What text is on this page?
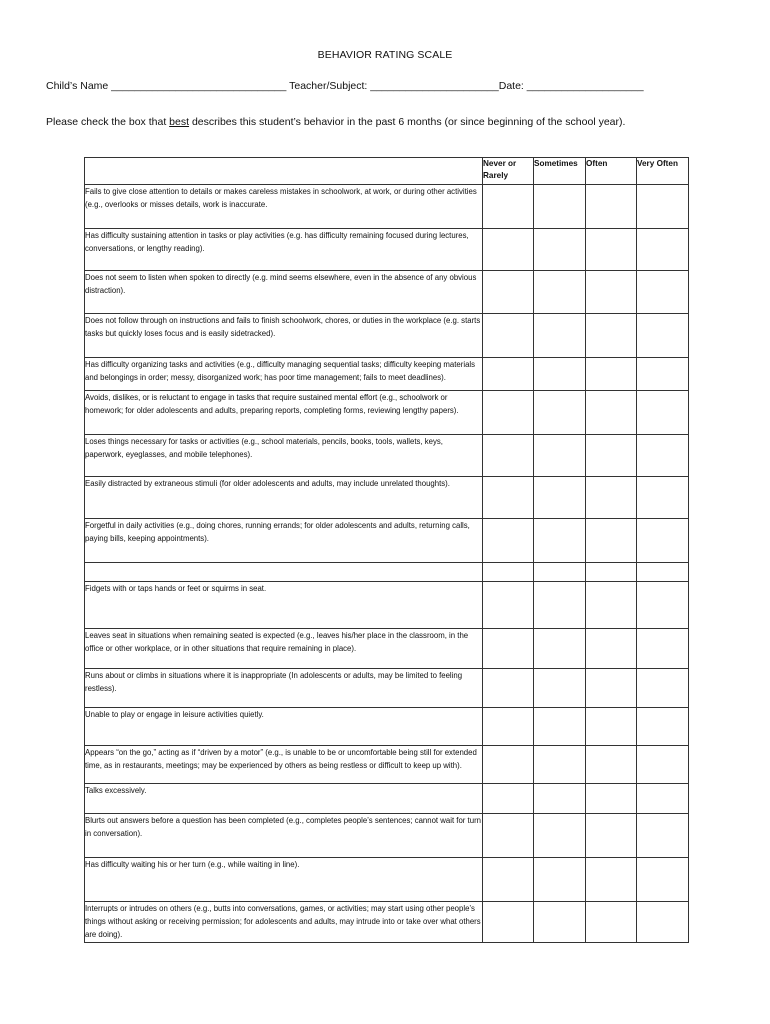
BEHAVIOR RATING SCALE
Child’s Name ______________________________ Teacher/Subject: ______________________Date: ____________________
Please check the box that best describes this student’s behavior in the past 6 months (or since beginning of the school year).
	Never or Rarely	Sometimes	Often	Very Often
Fails to give close attention to details or makes careless mistakes in schoolwork, at work, or during other activities (e.g., overlooks or misses details, work is inaccurate.				
Has difficulty sustaining attention in tasks or play activities (e.g. has difficulty remaining focused during lectures, conversations, or lengthy reading).				
Does not seem to listen when spoken to directly (e.g. mind seems elsewhere, even in the absence of any obvious distraction).				
Does not follow through on instructions and fails to finish schoolwork, chores, or duties in the workplace (e.g. starts tasks but quickly loses focus and is easily sidetracked).				
Has difficulty organizing tasks and activities (e.g., difficulty managing sequential tasks; difficulty keeping materials and belongings in order; messy, disorganized work; has poor time management; fails to meet deadlines).				
Avoids, dislikes, or is reluctant to engage in tasks that require sustained mental effort (e.g., schoolwork or homework; for older adolescents and adults, preparing reports, completing forms, reviewing lengthy papers).				
Loses things necessary for tasks or activities (e.g., school materials, pencils, books, tools, wallets, keys, paperwork, eyeglasses, and mobile telephones).				
Easily distracted by extraneous stimuli (for older adolescents and adults, may include unrelated thoughts).				
Forgetful in daily activities (e.g., doing chores, running errands; for older adolescents and adults, returning calls, paying bills, keeping appointments).				

Fidgets with or taps hands or feet or squirms in seat.				
Leaves seat in situations when remaining seated is expected (e.g., leaves his/her place in the classroom, in the office or other workplace, or in other situations that require remaining in place).				
Runs about or climbs in situations where it is inappropriate (In adolescents or adults, may be limited to feeling restless).				
Unable to play or engage in leisure activities quietly.				
Appears “on the go,” acting as if “driven by a motor” (e.g., is unable to be or uncomfortable being still for extended time, as in restaurants, meetings; may be experienced by others as being restless or difficult to keep up with).				
Talks excessively.				
Blurts out answers before a question has been completed (e.g., completes people’s sentences; cannot wait for turn in conversation).				
Has difficulty waiting his or her turn (e.g., while waiting in line).				
Interrupts or intrudes on others (e.g., butts into conversations, games, or activities; may start using other people’s things without asking or receiving permission; for adolescents and adults, may intrude into or take over what others are doing).				
